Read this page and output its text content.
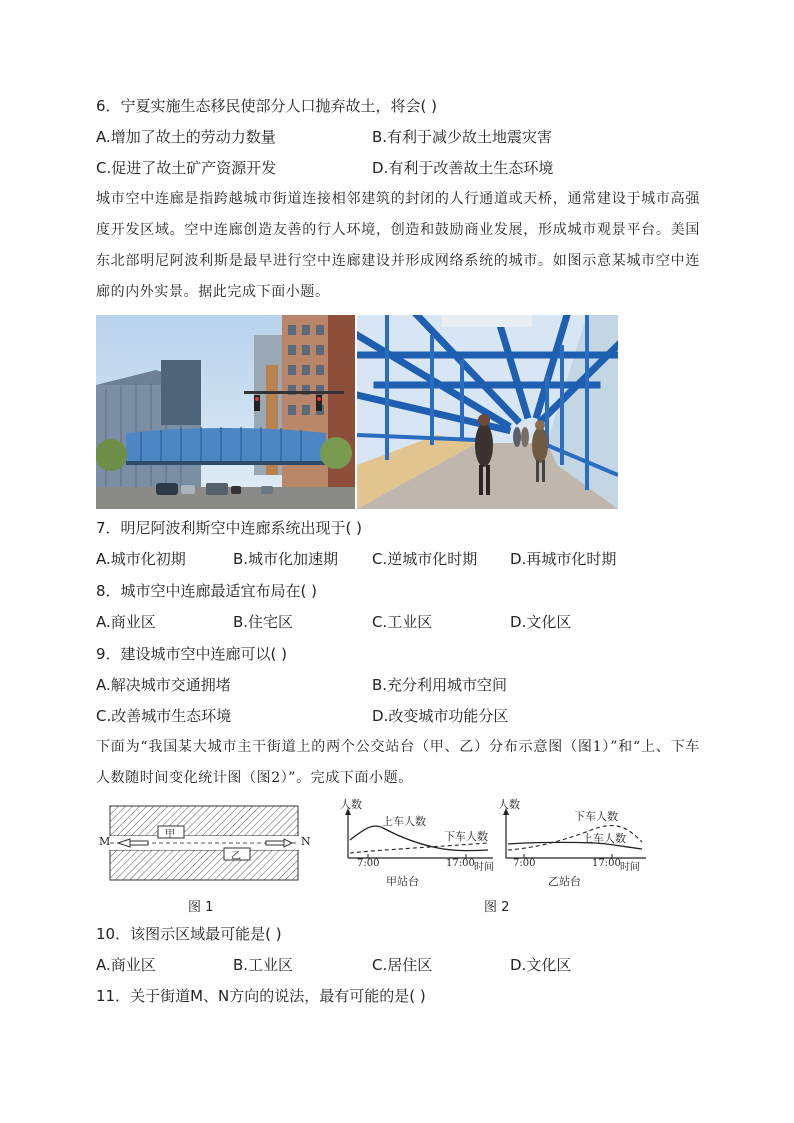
6．宁夏实施生态移民使部分人口抛弃故土，将会( )
A.增加了故土的劳动力数量	B.有利于减少故土地震灾害
C.促进了故土矿产资源开发	D.有利于改善故土生态环境
城市空中连廊是指跨越城市街道连接相邻建筑的封闭的人行通道或天桥，通常建设于城市高强度开发区域。空中连廊创造友善的行人环境，创造和鼓励商业发展，形成城市观景平台。美国东北部明尼阿波利斯是最早进行空中连廊建设并形成网络系统的城市。如图示意某城市空中连廊的内外实景。据此完成下面小题。
7．明尼阿波利斯空中连廊系统出现于( )
A.城市化初期	B.城市化加速期 C.逆城市化时期 D.再城市化时期
8．城市空中连廊最适宜布局在( )
A.商业区	B.住宅区	C.工业区	D.文化区
9．建设城市空中连廊可以( )
A.解决城市交通拥堵	B.充分利用城市空间
C.改善城市生态环境	D.改变城市功能分区
下面为“我国某大城市主干街道上的两个公交站台（甲、乙）分布示意图（图1）”和“上、下车人数随时间变化统计图（图2）”。完成下面小题。
M	N
甲
乙
图 1
人数
上车人数
下车人数
7:00	17:00 时间
甲站台
人数
下车人数
上车人数
7:00	17:00 时间
乙站台
图 2
10．该图示区域最可能是( )
A.商业区	B.工业区	C.居住区	D.文化区
11．关于街道M、N方向的说法，最有可能的是( )
